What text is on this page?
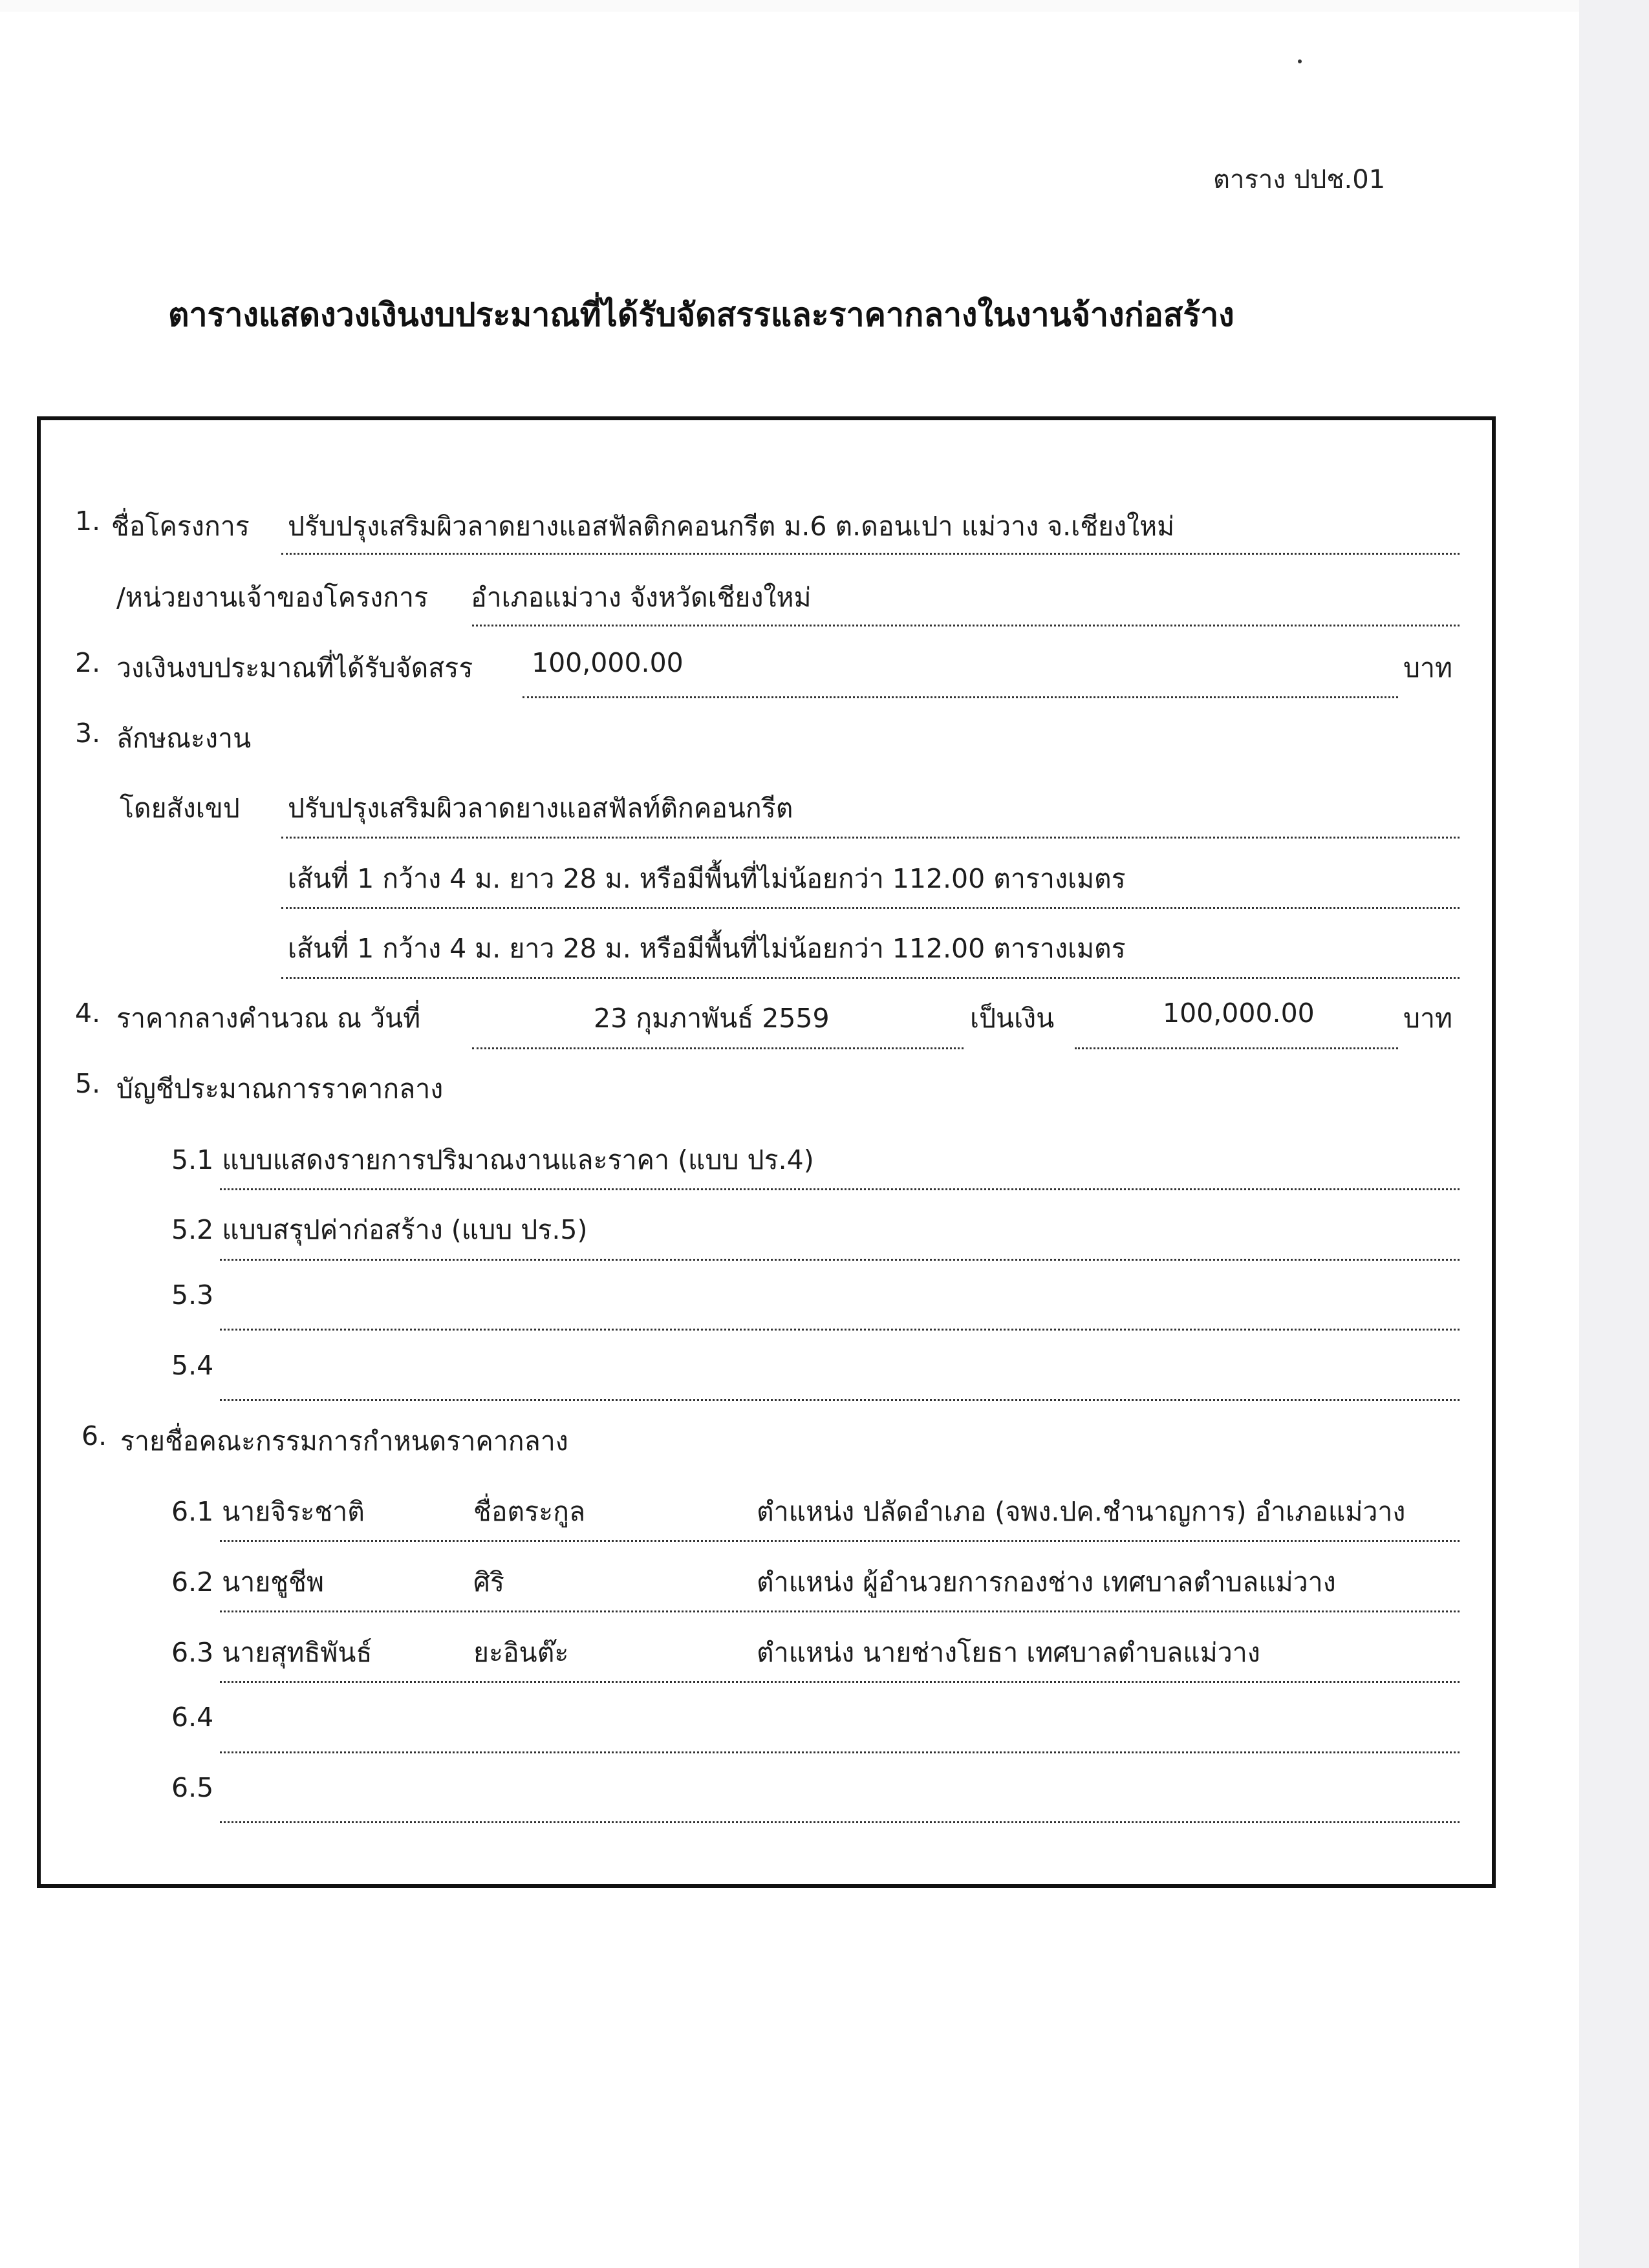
ตาราง ปปช.01
ตารางแสดงวงเงินงบประมาณที่ได้รับจัดสรรและราคากลางในงานจ้างก่อสร้าง
1. ชื่อโครงการ ปรับปรุงเสริมผิวลาดยางแอสฟัลติกคอนกรีต ม.6 ต.ดอนเปา แม่วาง จ.เชียงใหม่
/หน่วยงานเจ้าของโครงการ อำเภอแม่วาง จังหวัดเชียงใหม่
2. วงเงินงบประมาณที่ได้รับจัดสรร 100,000.00	บาท
3. ลักษณะงาน
โดยสังเขป ปรับปรุงเสริมผิวลาดยางแอสฟัลท์ติกคอนกรีต
เส้นที่ 1 กว้าง 4 ม. ยาว 28 ม. หรือมีพื้นที่ไม่น้อยกว่า 112.00 ตารางเมตร
เส้นที่ 1 กว้าง 4 ม. ยาว 28 ม. หรือมีพื้นที่ไม่น้อยกว่า 112.00 ตารางเมตร
4. ราคากลางคำนวณ ณ วันที่	23 กุมภาพันธ์ 2559	เป็นเงิน	100,000.00	บาท
5. บัญชีประมาณการราคากลาง
5.1 แบบแสดงรายการปริมาณงานและราคา (แบบ ปร.4)
5.2 แบบสรุปค่าก่อสร้าง (แบบ ปร.5)
5.3
5.4
6. รายชื่อคณะกรรมการกำหนดราคากลาง
6.1 นายจิระชาติ	ชื่อตระกูล	ตำแหน่ง ปลัดอำเภอ (จพง.ปค.ชำนาญการ) อำเภอแม่วาง
6.2 นายชูชีพ	ศิริ	ตำแหน่ง ผู้อำนวยการกองช่าง เทศบาลตำบลแม่วาง
6.3 นายสุทธิพันธ์	ยะอินต๊ะ	ตำแหน่ง นายช่างโยธา เทศบาลตำบลแม่วาง
6.4
6.5
